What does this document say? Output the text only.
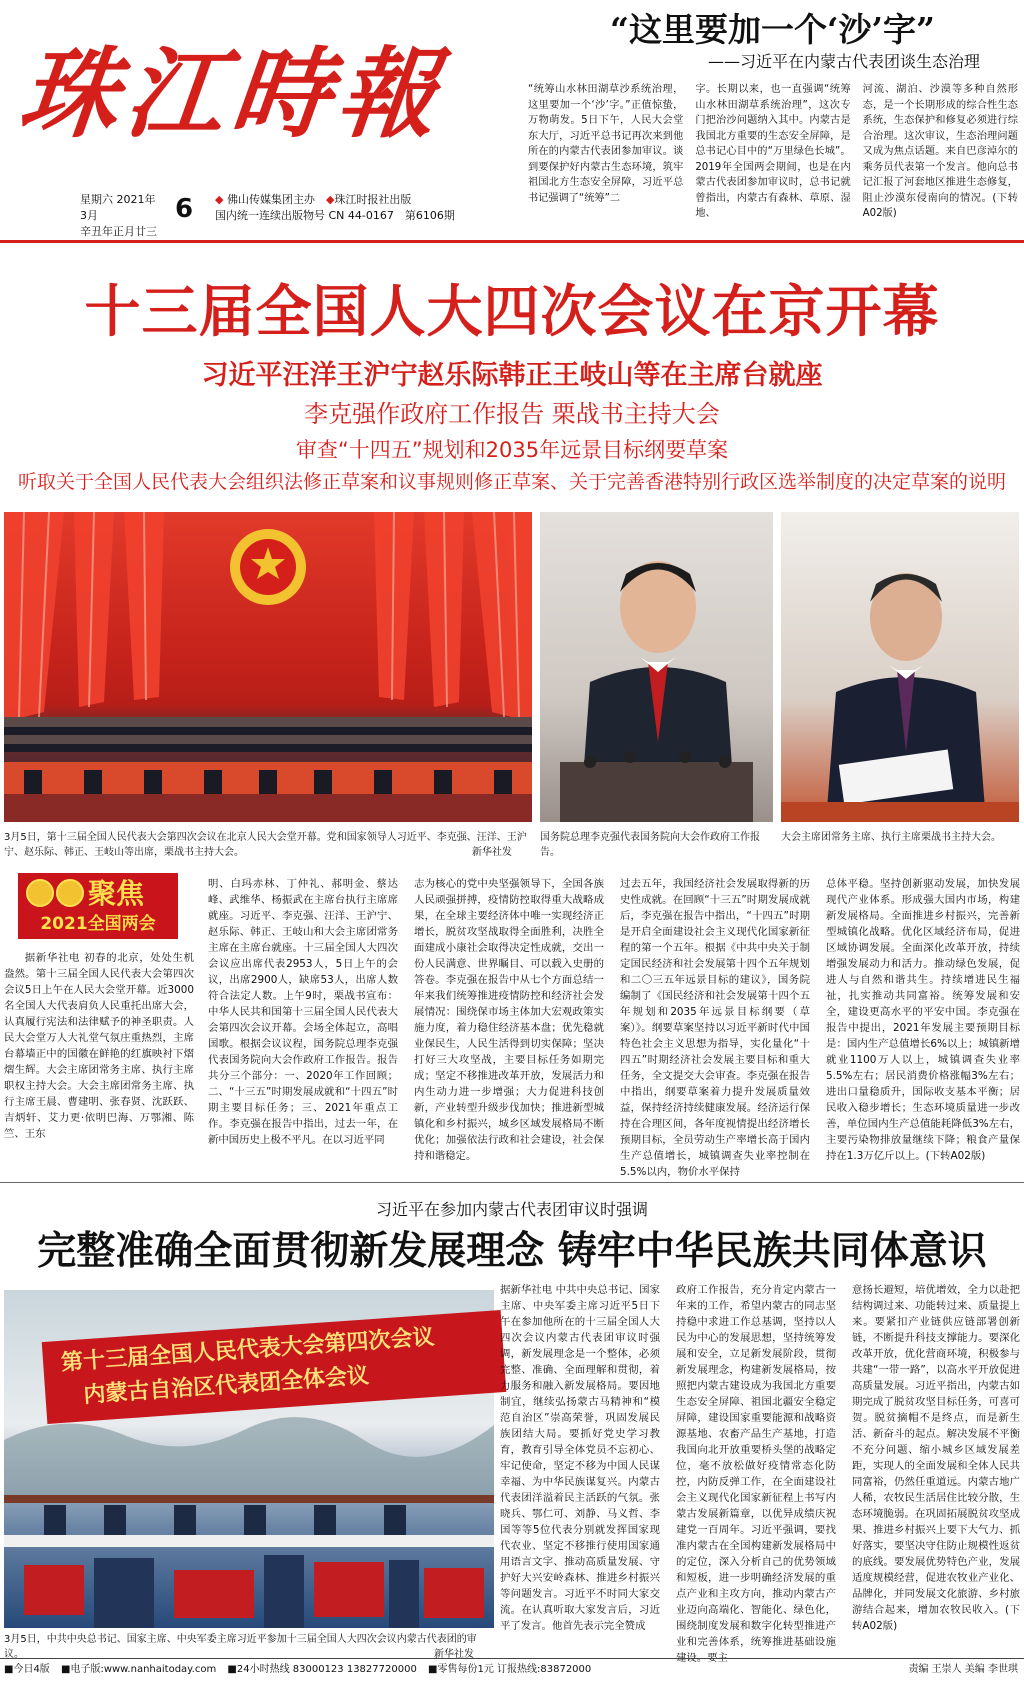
珠江時報
星期六 2021年3月
辛丑年正月廿三
6 ◆ 佛山传媒集团主办　 ◆珠江时报社出版
国内统一连续出版物号 CN 44-0167　 第6106期
“这里要加一个‘沙’字”
——习近平在内蒙古代表团谈生态治理
“统筹山水林田湖草沙系统治理，这里要加一个‘沙’字。”正值惊蛰，万物萌发。5日下午，人民大会堂东大厅，习近平总书记再次来到他所在的内蒙古代表团参加审议。谈到要保护好内蒙古生态环境，筑牢祖国北方生态安全屏障，习近平总书记强调了“统筹”二
字。长期以来，也一直强调“统筹山水林田湖草系统治理”，这次专门把治沙问题纳入其中。内蒙古是我国北方重要的生态安全屏障，是总书记心目中的“万里绿色长城”。2019年全国两会期间，也是在内蒙古代表团参加审议时，总书记就曾指出，内蒙古有森林、草原、湿地、
河流、湖泊、沙漠等多种自然形态，是一个长期形成的综合性生态系统，生态保护和修复必须进行综合治理。这次审议，生态治理问题又成为焦点话题。来自巴彦淖尔的乘务员代表第一个发言。他向总书记汇报了河套地区推进生态修复，阻止沙漠东侵南向的情况。(下转A02版)
十三届全国人大四次会议在京开幕
习近平汪洋王沪宁赵乐际韩正王岐山等在主席台就座
李克强作政府工作报告 栗战书主持大会
审查“十四五”规划和2035年远景目标纲要草案
听取关于全国人民代表大会组织法修正草案和议事规则修正草案、关于完善香港特别行政区选举制度的决定草案的说明
3月5日，第十三届全国人民代表大会第四次会议在北京人民大会堂开幕。党和国家领导人习近平、李克强、汪洋、王沪宁、赵乐际、韩正、王岐山等出席，栗战书主持大会。	新华社发
国务院总理李克强代表国务院向大会作政府工作报告。
大会主席团常务主席、执行主席栗战书主持大会。
聚焦
2021全国两会
据新华社电 初春的北京，处处生机盎然。第十三届全国人民代表大会第四次会议5日上午在人民大会堂开幕。近3000名全国人大代表肩负人民重托出席大会，认真履行宪法和法律赋予的神圣职责。人民大会堂万人大礼堂气氛庄重热烈，主席台幕墙正中的国徽在鲜艳的红旗映衬下熠熠生辉。大会主席团常务主席、执行主席职权主持大会。大会主席团常务主席、执行主席王晨、曹建明、张春贤、沈跃跃、吉炳轩、艾力更·依明巴海、万鄂湘、陈竺、王东
明、白玛赤林、丁仲礼、郝明金、蔡达峰、武维华、杨振武在主席台执行主席席就座。习近平、李克强、汪洋、王沪宁、赵乐际、韩正、王岐山和大会主席团常务主席在主席台就座。十三届全国人大四次会议应出席代表2953人，5日上午的会议，出席2900人，缺席53人，出席人数符合法定人数。上午9时，栗战书宣布：中华人民共和国第十三届全国人民代表大会第四次会议开幕。会场全体起立，高唱国歌。根据会议议程，国务院总理李克强代表国务院向大会作政府工作报告。报告共分三个部分：一、2020年工作回顾；二、“十三五”时期发展成就和“十四五”时期主要目标任务；三、2021年重点工作。李克强在报告中指出，过去一年，在新中国历史上极不平凡。在以习近平同
志为核心的党中央坚强领导下，全国各族人民顽强拼搏，疫情防控取得重大战略成果，在全球主要经济体中唯一实现经济正增长，脱贫攻坚战取得全面胜利，决胜全面建成小康社会取得决定性成就，交出一份人民满意、世界瞩目、可以载入史册的答卷。李克强在报告中从七个方面总结一年来我们统筹推进疫情防控和经济社会发展情况：围绕保市场主体加大宏观政策实施力度，着力稳住经济基本盘；优先稳就业保民生，人民生活得到切实保障；坚决打好三大攻坚战，主要目标任务如期完成；坚定不移推进改革开放，发展活力和内生动力进一步增强；大力促进科技创新，产业转型升级步伐加快；推进新型城镇化和乡村振兴，城乡区域发展格局不断优化；加强依法行政和社会建设，社会保持和谐稳定。
过去五年，我国经济社会发展取得新的历史性成就。在回顾“十三五”时期发展成就后，李克强在报告中指出，“十四五”时期是开启全面建设社会主义现代化国家新征程的第一个五年。根据《中共中央关于制定国民经济和社会发展第十四个五年规划和二〇三五年远景目标的建议》，国务院编制了《国民经济和社会发展第十四个五年规划和2035年远景目标纲要（草案）》。纲要草案坚持以习近平新时代中国特色社会主义思想为指导，实化量化“十四五”时期经济社会发展主要目标和重大任务，全文提交大会审查。李克强在报告中指出，纲要草案着力提升发展质量效益，保持经济持续健康发展。经济运行保持在合理区间，各年度视情提出经济增长预期目标，全员劳动生产率增长高于国内生产总值增长，城镇调查失业率控制在5.5%以内，物价水平保持
总体平稳。坚持创新驱动发展，加快发展现代产业体系。形成强大国内市场，构建新发展格局。全面推进乡村振兴，完善新型城镇化战略。优化区域经济布局，促进区域协调发展。全面深化改革开放，持续增强发展动力和活力。推动绿色发展，促进人与自然和谐共生。持续增进民生福祉，扎实推动共同富裕。统筹发展和安全，建设更高水平的平安中国。李克强在报告中提出，2021年发展主要预期目标是：国内生产总值增长6%以上；城镇新增就业1100万人以上，城镇调查失业率5.5%左右；居民消费价格涨幅3%左右；进出口量稳质升，国际收支基本平衡；居民收入稳步增长；生态环境质量进一步改善，单位国内生产总值能耗降低3%左右，主要污染物排放量继续下降；粮食产量保持在1.3万亿斤以上。(下转A02版)
习近平在参加内蒙古代表团审议时强调
完整准确全面贯彻新发展理念 铸牢中华民族共同体意识
第十三届全国人民代表大会第四次会议
内蒙古自治区代表团全体会议
3月5日，中共中央总书记、国家主席、中央军委主席习近平参加十三届全国人大四次会议内蒙古代表团的审议。	新华社发
据新华社电 中共中央总书记、国家主席、中央军委主席习近平5日下午在参加他所在的十三届全国人大四次会议内蒙古代表团审议时强调，新发展理念是一个整体，必须完整、准确、全面理解和贯彻，着力服务和融入新发展格局。要因地制宜，继续弘扬蒙古马精神和“模范自治区”崇高荣誉，巩固发展民族团结大局。要抓好党史学习教育，教育引导全体党员不忘初心、牢记使命，坚定不移为中国人民谋幸福、为中华民族谋复兴。内蒙古代表团洋溢着民主活跃的气氛。张晓兵、鄂仁可、刘静、马义哲、李国等等5位代表分别就发挥国家现代农业、坚定不移推行使用国家通用语言文字、推动高质量发展、守护好大兴安岭森林、推进乡村振兴等问题发言。习近平不时同大家交流。在认真听取大家发言后，习近平了发言。他首先表示完全赞成
政府工作报告，充分肯定内蒙古一年来的工作，希望内蒙古的同志坚持稳中求进工作总基调，坚持以人民为中心的发展思想，坚持统筹发展和安全，立足新发展阶段，贯彻新发展理念，构建新发展格局，按照把内蒙古建设成为我国北方重要生态安全屏障、祖国北疆安全稳定屏障，建设国家重要能源和战略资源基地、农畜产品生产基地，打造我国向北开放重要桥头堡的战略定位，毫不放松做好疫情常态化防控，内防反弹工作，在全面建设社会主义现代化国家新征程上书写内蒙古发展新篇章，以优异成绩庆祝建党一百周年。习近平强调，要找准内蒙古在全国构建新发展格局中的定位，深入分析自己的优势领域和短板，进一步明确经济发展的重点产业和主攻方向，推动内蒙古产业迈向高端化、智能化、绿色化，围绕制度发展和数字化转型推进产业和完善体系，统筹推进基础设施建设。要主
意扬长避短，培优增效，全力以赴把结构调过来、功能转过来、质量提上来。要紧扣产业链供应链部署创新链，不断提升科技支撑能力。要深化改革开放，优化营商环境，积极参与共建“一带一路”，以高水平开放促进高质量发展。习近平指出，内蒙古如期完成了脱贫攻坚目标任务，可喜可贺。脱贫摘帽不是终点，而是新生活、新奋斗的起点。解决发展不平衡不充分问题、缩小城乡区域发展差距，实现人的全面发展和全体人民共同富裕，仍然任重道远。内蒙古地广人稀，农牧民生活居住比较分散，生态环境脆弱。在巩固拓展脱贫攻坚成果、推进乡村振兴上要下大气力、抓好落实，要坚决守住防止规模性返贫的底线。要发展优势特色产业，发展适度规模经营，促进农牧业产业化、品牌化，并同发展文化旅游、乡村旅游结合起来，增加农牧民收入。(下转A02版)
■今日4版 ■电子版:www.nanhaitoday.com ■24小时热线 83000123 13827720000 ■零售每份1元 订报热线:83872000	责编 王崇人 美编 李世琪
